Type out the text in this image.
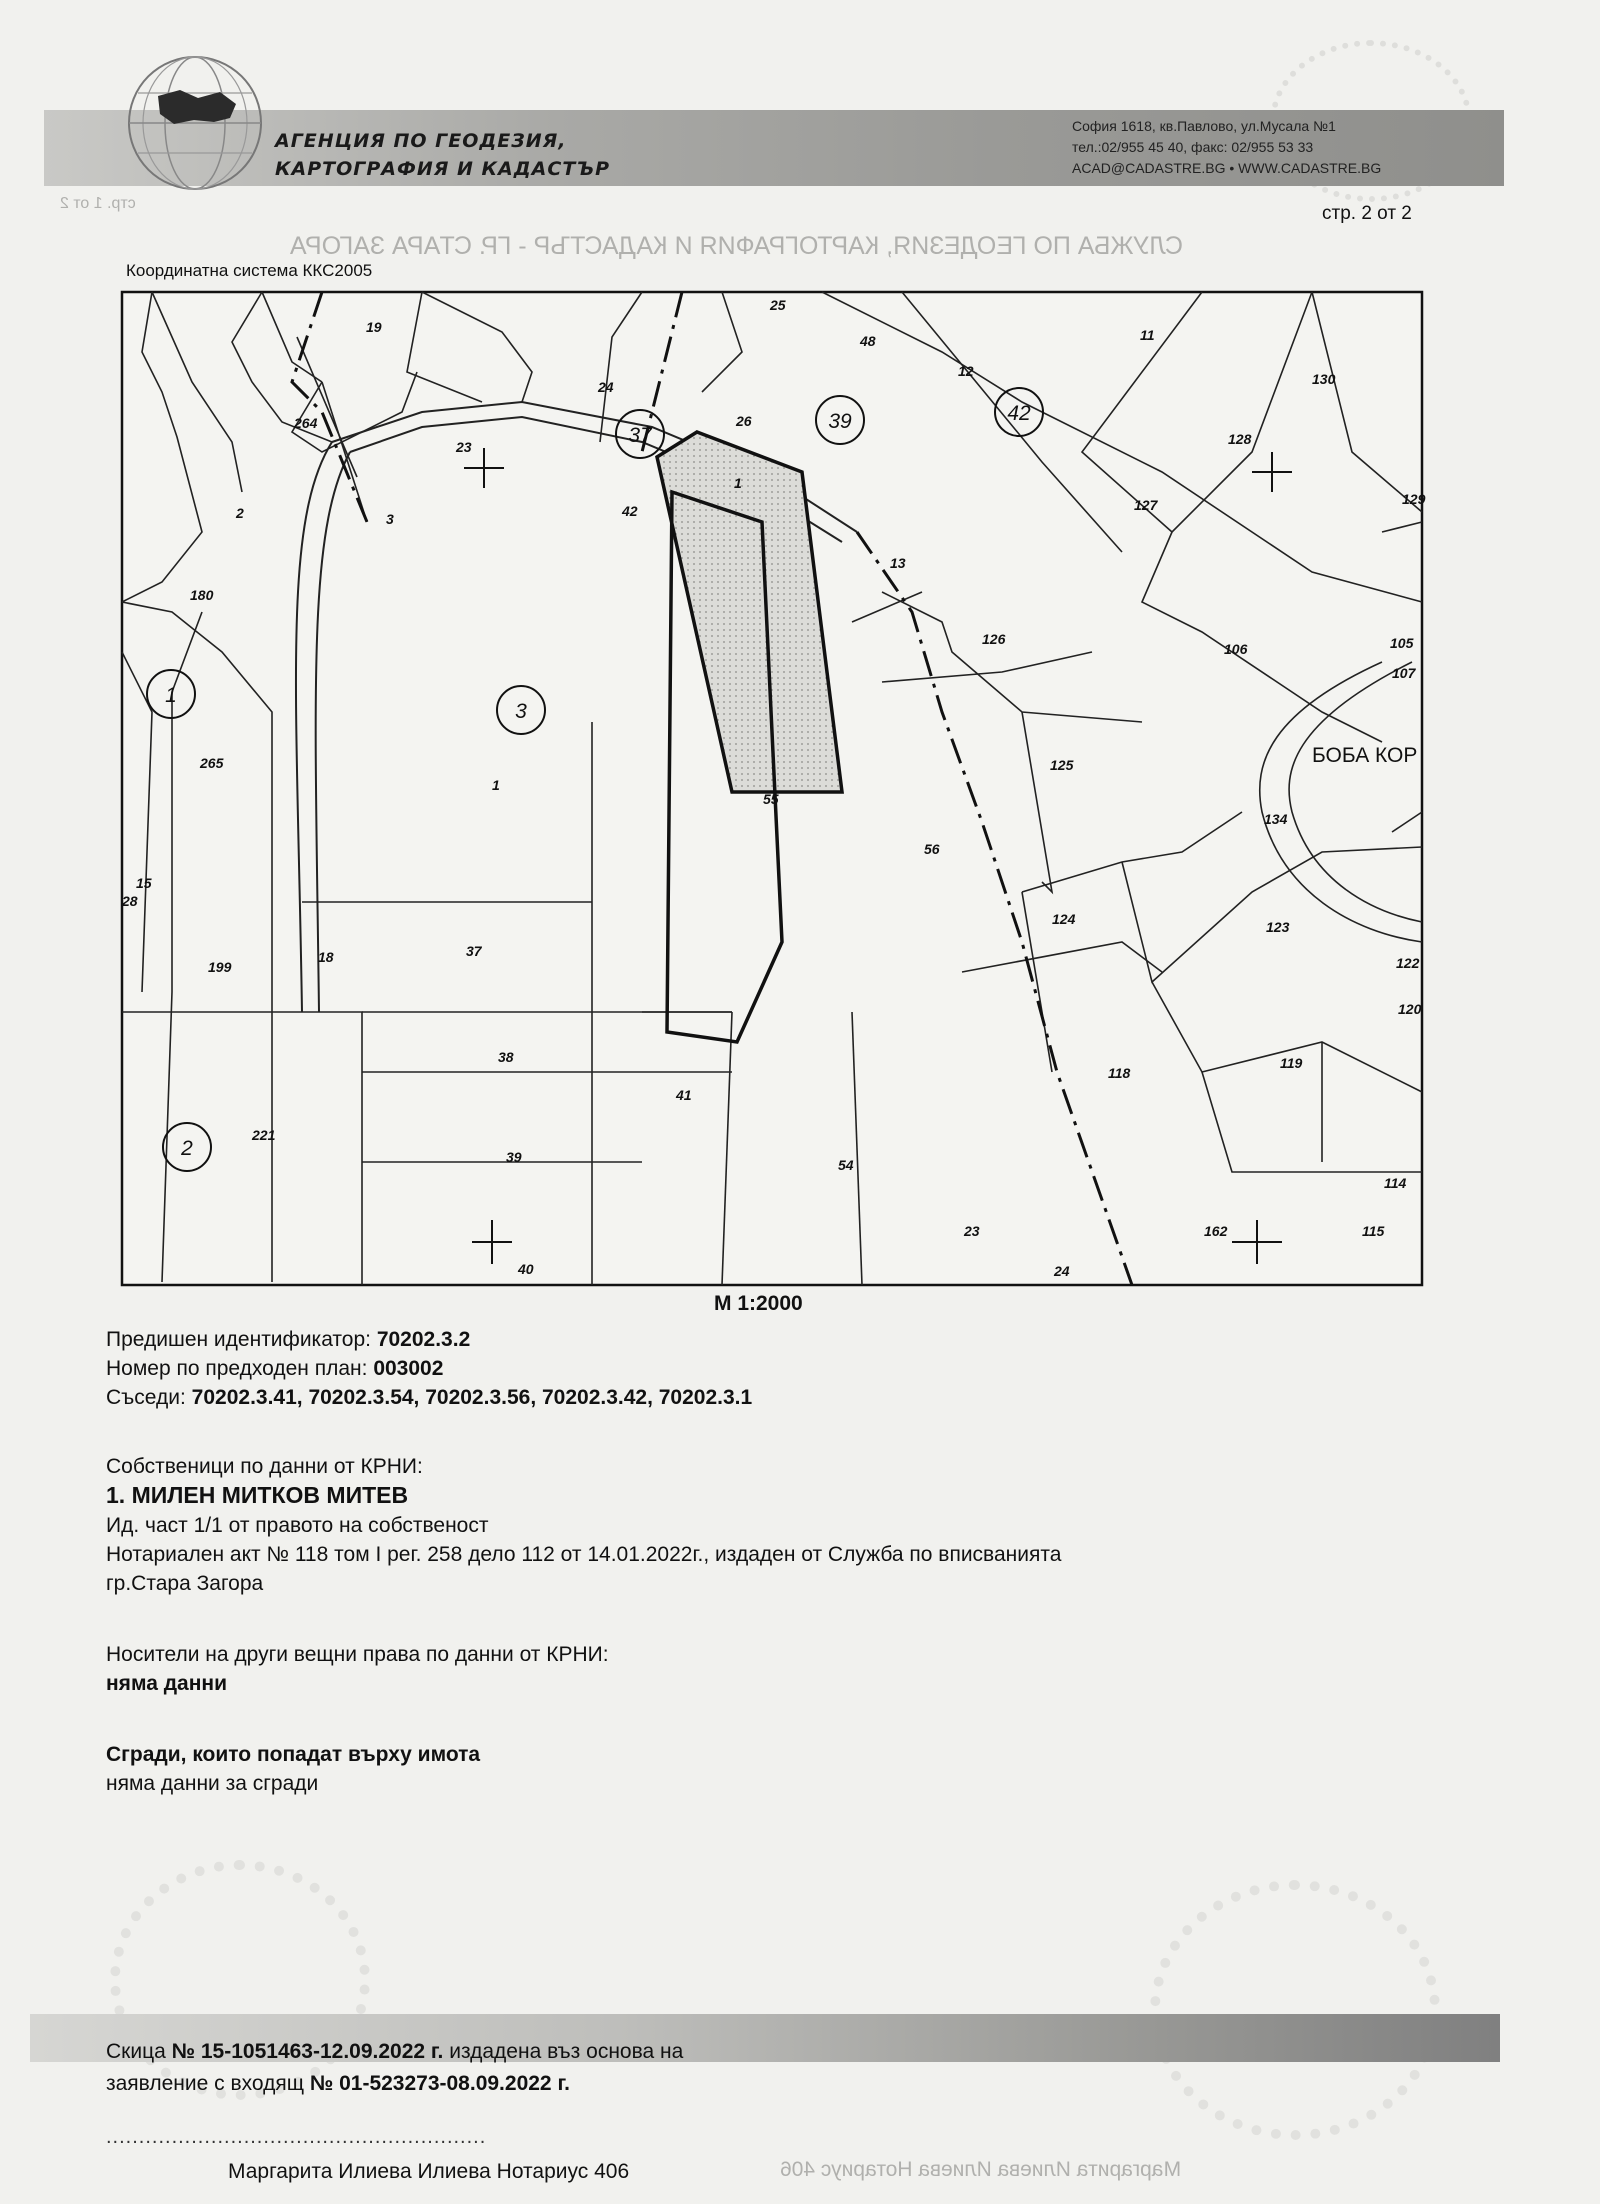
АГЕНЦИЯ ПО ГЕОДЕЗИЯ,
КАРТОГРАФИЯ И КАДАСТЪР
София 1618, кв.Павлово, ул.Мусала №1
тел.:02/955 45 40, факс: 02/955 53 33
ACAD@CADASTRE.BG • WWW.CADASTRE.BG
стр. 1 от 2
СЛУЖБА ПО ГЕОДЕЗИЯ, КАРТОГРАФИЯ И КАДАСТЪР - ГР. СТАРА ЗАГОРА
Маргарита Илиева Илиева Нотариус 406
стр. 2 от 2
Координатна система ККС2005
37
39	42
3
1
2
25
19
48	11
130
264
24
26
12
128
23
2	3	42
1
127	129
13
180
126
106	105
1
265
55
125
107
56
134
15
28
124	123
37
18
199	122
120
38
41
119
118
221
39	54
114
23	162	115
40	24
БОБА КОР
М 1:2000
Предишен идентификатор: 70202.3.2
Номер по предходен план: 003002
Съседи: 70202.3.41, 70202.3.54, 70202.3.56, 70202.3.42, 70202.3.1
Собственици по данни от КРНИ:
1. МИЛЕН МИТКОВ МИТЕВ
Ид. част 1/1 от правото на собственост
Нотариален акт № 118 том I рег. 258 дело 112 от 14.01.2022г., издаден от Служба по вписванията
гр.Стара Загора
Носители на други вещни права по данни от КРНИ:
няма данни
Сгради, които попадат върху имота
няма данни за сгради
Скица № 15-1051463-12.09.2022 г. издадена въз основа на
заявление с входящ № 01-523273-08.09.2022 г.
..........................................................
Маргарита Илиева Илиева Нотариус 406
